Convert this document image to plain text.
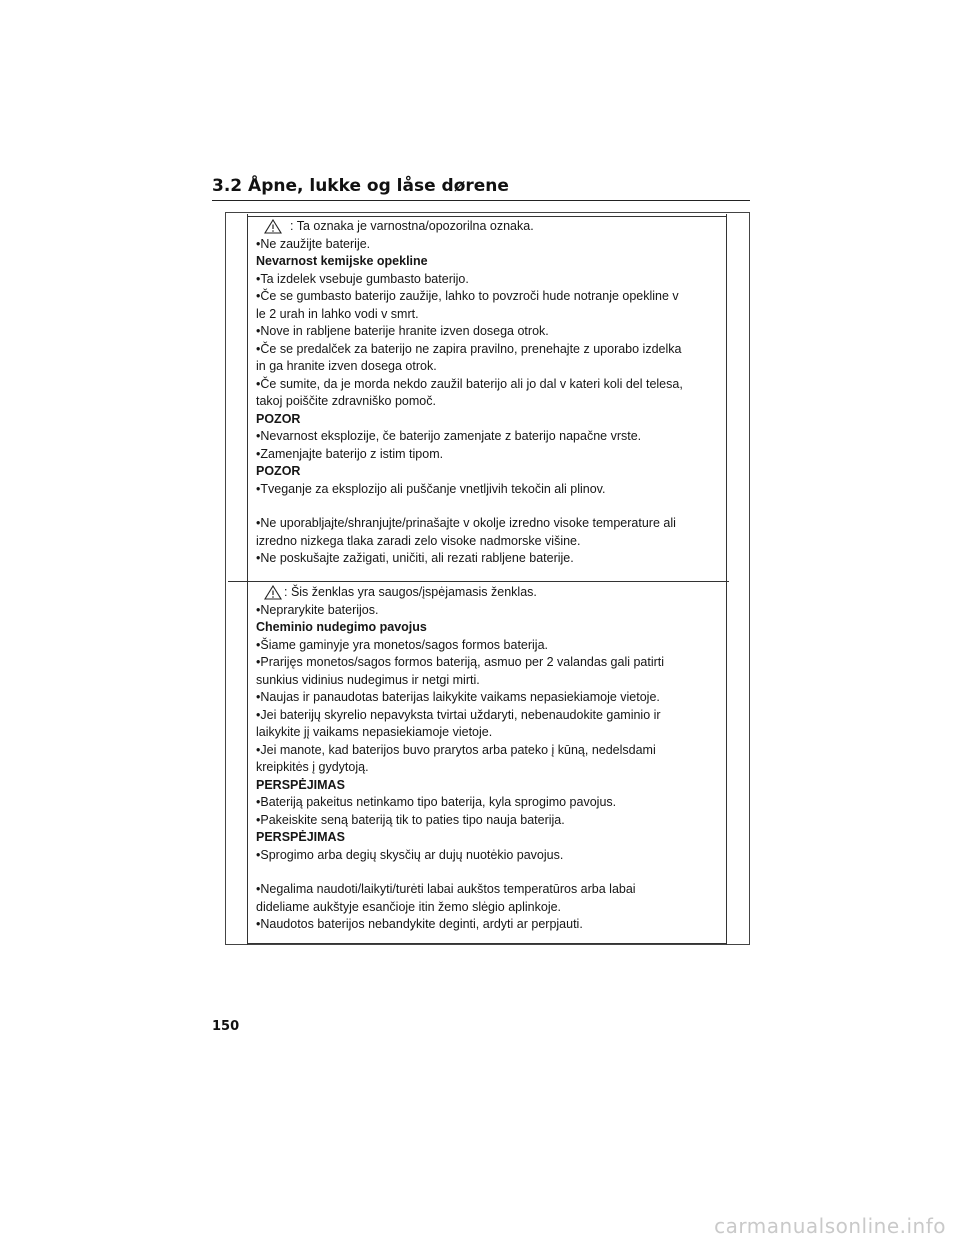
3.2 Åpne, lukke og låse dørene
: Ta oznaka je varnostna/opozorilna oznaka.
•Ne zaužijte baterije.
Nevarnost kemijske opekline
•Ta izdelek vsebuje gumbasto baterijo.
•Če se gumbasto baterijo zaužije, lahko to povzroči hude notranje opekline v
le 2 urah in lahko vodi v smrt.
•Nove in rabljene baterije hranite izven dosega otrok.
•Če se predalček za baterijo ne zapira pravilno, prenehajte z uporabo izdelka
in ga hranite izven dosega otrok.
•Če sumite, da je morda nekdo zaužil baterijo ali jo dal v kateri koli del telesa,
takoj poiščite zdravniško pomoč.
POZOR
•Nevarnost eksplozije, če baterijo zamenjate z baterijo napačne vrste.
•Zamenjajte baterijo z istim tipom.
POZOR
•Tveganje za eksplozijo ali puščanje vnetljivih tekočin ali plinov.
•Ne uporabljajte/shranjujte/prinašajte v okolje izredno visoke temperature ali
izredno nizkega tlaka zaradi zelo visoke nadmorske višine.
•Ne poskušajte zažigati, uničiti, ali rezati rabljene baterije.
: Šis ženklas yra saugos/įspėjamasis ženklas.
•Neprarykite baterijos.
Cheminio nudegimo pavojus
•Šiame gaminyje yra monetos/sagos formos baterija.
•Prarijęs monetos/sagos formos bateriją, asmuo per 2 valandas gali patirti
sunkius vidinius nudegimus ir netgi mirti.
•Naujas ir panaudotas baterijas laikykite vaikams nepasiekiamoje vietoje.
•Jei baterijų skyrelio nepavyksta tvirtai uždaryti, nebenaudokite gaminio ir
laikykite jį vaikams nepasiekiamoje vietoje.
•Jei manote, kad baterijos buvo prarytos arba pateko į kūną, nedelsdami
kreipkitės į gydytoją.
PERSPĖJIMAS
•Bateriją pakeitus netinkamo tipo baterija, kyla sprogimo pavojus.
•Pakeiskite seną bateriją tik to paties tipo nauja baterija.
PERSPĖJIMAS
•Sprogimo arba degių skysčių ar dujų nuotėkio pavojus.
•Negalima naudoti/laikyti/turėti labai aukštos temperatūros arba labai
dideliame aukštyje esančioje itin žemo slėgio aplinkoje.
•Naudotos baterijos nebandykite deginti, ardyti ar perpjauti.
150
carmanualsonline.info
